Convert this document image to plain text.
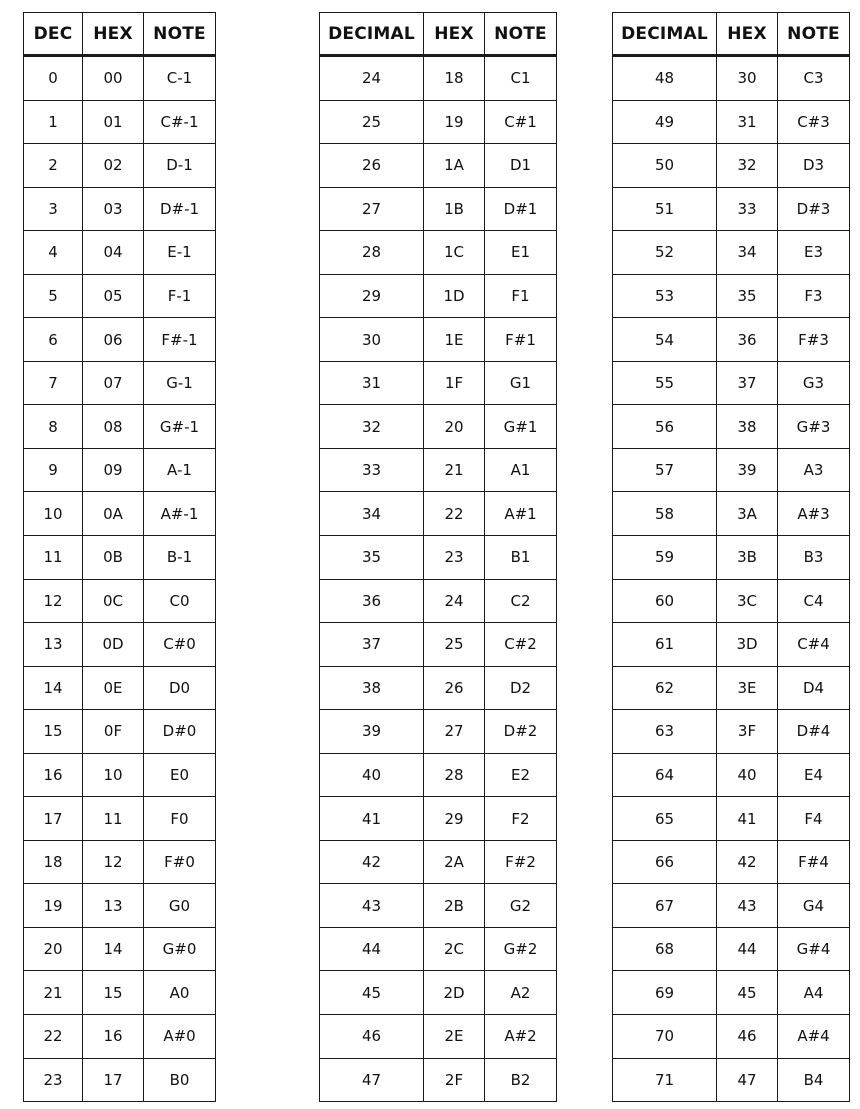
DEC	HEX	NOTE
0	00	C-1
1	01	C#-1
2	02	D-1
3	03	D#-1
4	04	E-1
5	05	F-1
6	06	F#-1
7	07	G-1
8	08	G#-1
9	09	A-1
10	0A	A#-1
11	0B	B-1
12	0C	C0
13	0D	C#0
14	0E	D0
15	0F	D#0
16	10	E0
17	11	F0
18	12	F#0
19	13	G0
20	14	G#0
21	15	A0
22	16	A#0
23	17	B0
DECIMAL	HEX	NOTE
24	18	C1
25	19	C#1
26	1A	D1
27	1B	D#1
28	1C	E1
29	1D	F1
30	1E	F#1
31	1F	G1
32	20	G#1
33	21	A1
34	22	A#1
35	23	B1
36	24	C2
37	25	C#2
38	26	D2
39	27	D#2
40	28	E2
41	29	F2
42	2A	F#2
43	2B	G2
44	2C	G#2
45	2D	A2
46	2E	A#2
47	2F	B2
DECIMAL	HEX	NOTE
48	30	C3
49	31	C#3
50	32	D3
51	33	D#3
52	34	E3
53	35	F3
54	36	F#3
55	37	G3
56	38	G#3
57	39	A3
58	3A	A#3
59	3B	B3
60	3C	C4
61	3D	C#4
62	3E	D4
63	3F	D#4
64	40	E4
65	41	F4
66	42	F#4
67	43	G4
68	44	G#4
69	45	A4
70	46	A#4
71	47	B4
